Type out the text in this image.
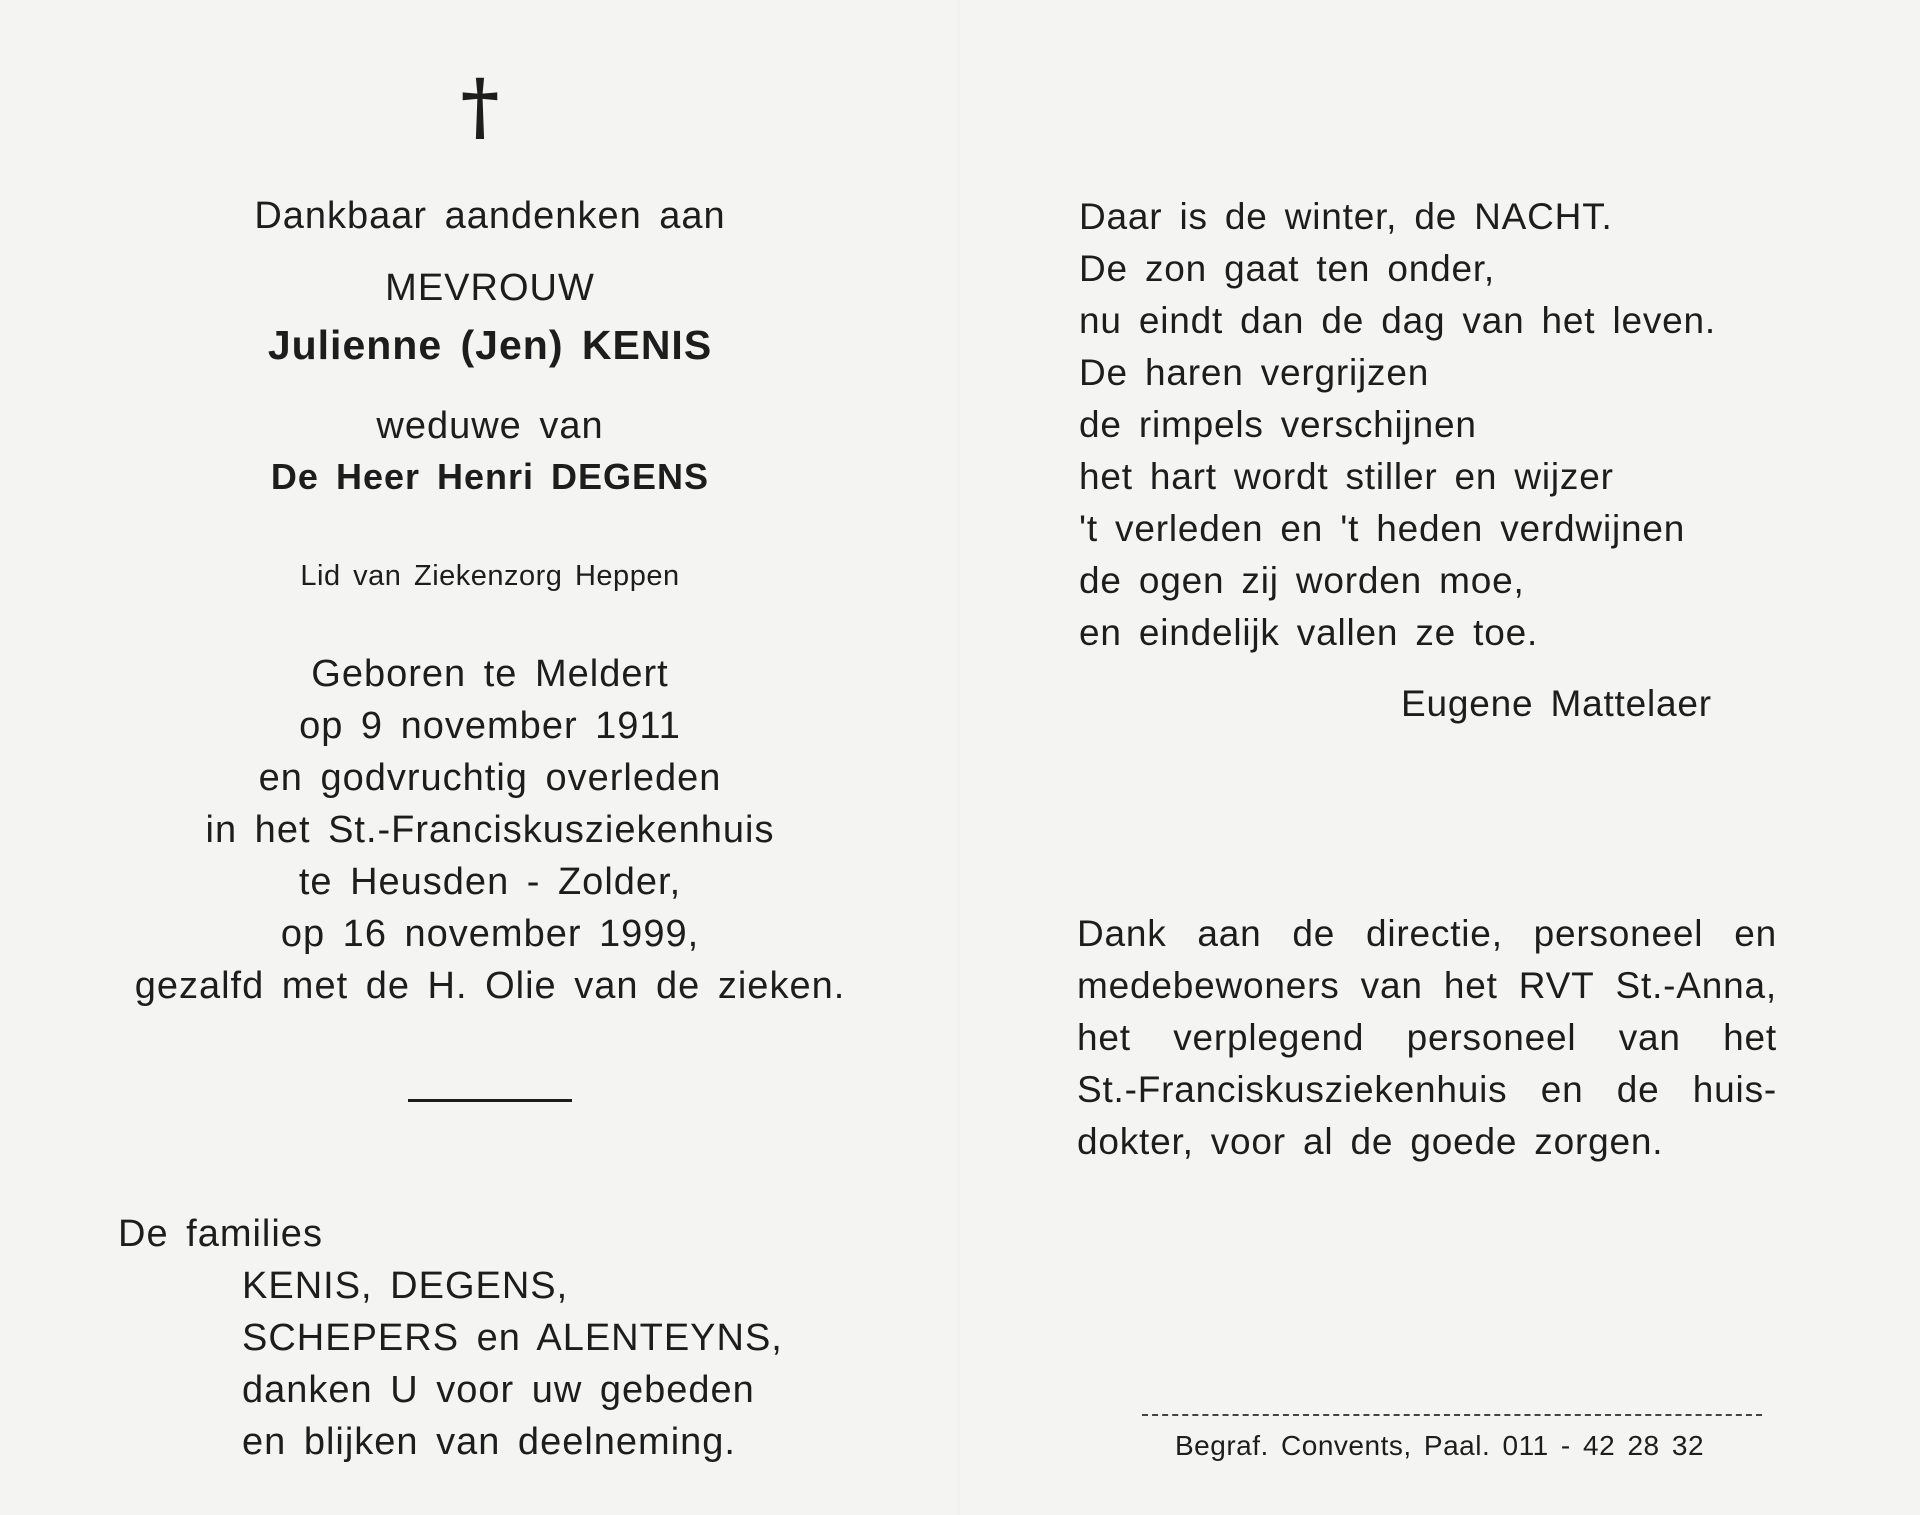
†
Dankbaar aandenken aan
MEVROUW
Julienne (Jen) KENIS
weduwe van
De Heer Henri DEGENS
Lid van Ziekenzorg Heppen
Geboren te Meldert
op 9 november 1911
en godvruchtig overleden
in het St.-Franciskusziekenhuis
te Heusden - Zolder,
op 16 november 1999,
gezalfd met de H. Olie van de zieken.
De families
KENIS, DEGENS,
SCHEPERS en ALENTEYNS,
danken U voor uw gebeden
en blijken van deelneming.
Daar is de winter, de NACHT.
De zon gaat ten onder,
nu eindt dan de dag van het leven.
De haren vergrijzen
de rimpels verschijnen
het hart wordt stiller en wijzer
't verleden en 't heden verdwijnen
de ogen zij worden moe,
en eindelijk vallen ze toe.
Eugene Mattelaer
Dank aan de directie, personeel en
medebewoners van het RVT St.-Anna,
het verplegend personeel van het
St.-Franciskusziekenhuis en de huis-
dokter, voor al de goede zorgen.
Begraf. Convents, Paal. 011 - 42 28 32
